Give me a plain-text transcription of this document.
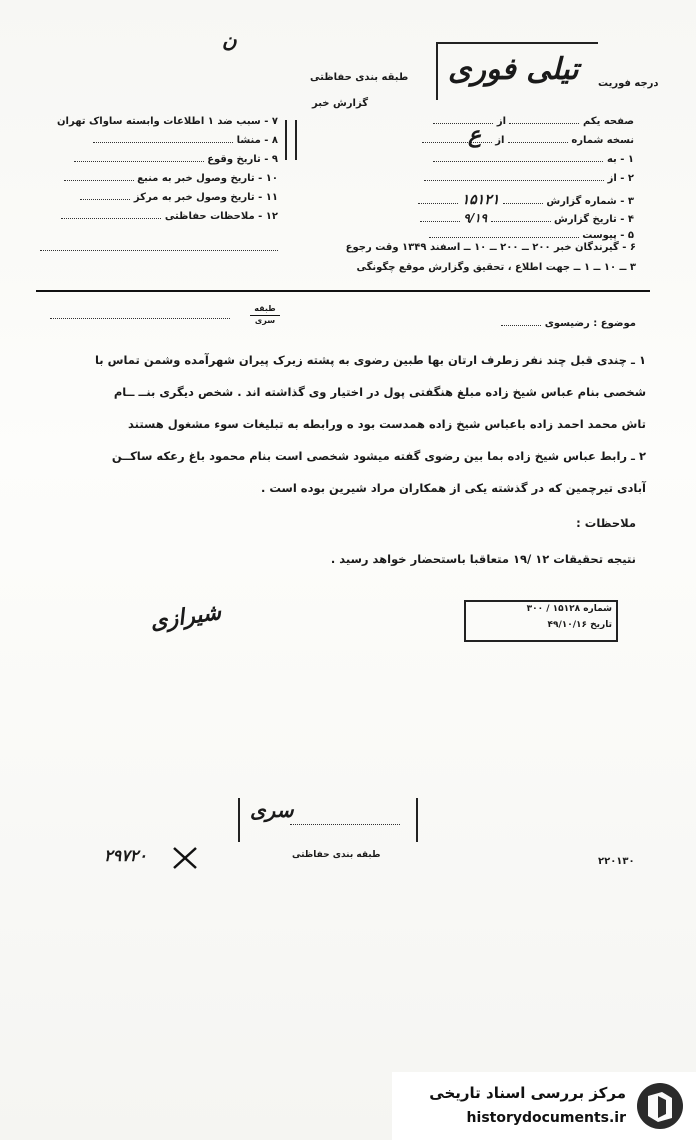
ن
درجه فوریت
تیلی فوری
طبقه بندی حفاظتی
گزارش خبر
صفحه یکم  از
نسخه شماره  از
۱ - به
۲ - از
۳ - شماره گزارش  ۱۵۱۲۱
۴ - تاریخ گزارش  ۹/۱۹
۵ - پیوست
ع
۷ - سبب ضد ۱ اطلاعات وابسته ساواک تهران
۸ - منشا
۹ - تاریخ وقوع
۱۰ - تاریخ وصول خبر به منبع
۱۱ - تاریخ وصول خبر به مرکز
۱۲ - ملاحظات حفاظتی
۶ - گیرندگان خبر ۲۰۰ ــ ۲۰۰ ــ ۱۰ ــ اسفند ۱۳۴۹ وقت رجوع
۳ ــ ۱۰ ــ ۱ ــ جهت اطلاع ، تحقیق وگزارش موقع چگونگی
موضوع : رضیسوی
طبقه
سری
۱ ـ چندی قبل چند نفر زطرف ارتان بها طبین رضوی به پشته زیرک پیران شهرآمده وشمن تماس با
شخصی بنام عباس شیخ زاده مبلغ هنگفتی پول در اختیار وی گذاشته اند . شخص دیگری بنــ ــام
تاش محمد احمد زاده باعباس شیخ زاده همدست بود ه ورابطه به تبلیغات سوء مشغول هستند
۲ ـ رابط عباس شیخ زاده بما بین رضوی گفته میشود شخصی است بنام محمود باغ رعکه ساکــن
آبادی تیرچمین که در گذشته یکی از همکاران مراد شیرین بوده است .
ملاحظات :
نتیجه تحقیقات ۱۲ /۱۹ متعاقبا باستحضار خواهد رسید .
شماره ۱۵۱۲۸ / ۳۰۰
تاریخ ۴۹/۱۰/۱۶
شیرازی
سری
طبقه بندی حفاظتی
۲۹۷۲۰	۲۲۰۱۳۰
مرکز بررسی اسناد تاریخی
historydocuments.ir
